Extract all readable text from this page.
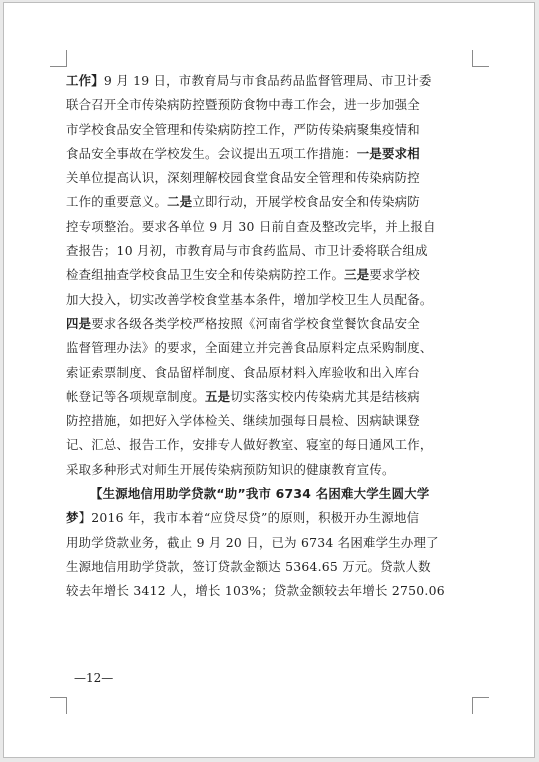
工作】9 月 19 日，市教育局与市食品药品监督管理局、市卫计委
联合召开全市传染病防控暨预防食物中毒工作会，进一步加强全
市学校食品安全管理和传染病防控工作，严防传染病聚集疫情和
食品安全事故在学校发生。会议提出五项工作措施：一是要求相
关单位提高认识，深刻理解校园食堂食品安全管理和传染病防控
工作的重要意义。二是立即行动，开展学校食品安全和传染病防
控专项整治。要求各单位 9 月 30 日前自查及整改完毕，并上报自
查报告；10 月初，市教育局与市食药监局、市卫计委将联合组成
检查组抽查学校食品卫生安全和传染病防控工作。三是要求学校
加大投入，切实改善学校食堂基本条件，增加学校卫生人员配备。
四是要求各级各类学校严格按照《河南省学校食堂餐饮食品安全
监督管理办法》的要求，全面建立并完善食品原料定点采购制度、
索证索票制度、食品留样制度、食品原材料入库验收和出入库台
帐登记等各项规章制度。五是切实落实校内传染病尤其是结核病
防控措施，如把好入学体检关、继续加强每日晨检、因病缺课登
记、汇总、报告工作，安排专人做好教室、寝室的每日通风工作，
采取多种形式对师生开展传染病预防知识的健康教育宣传。
【生源地信用助学贷款“助”我市 6734 名困难大学生圆大学
梦】2016 年，我市本着“应贷尽贷”的原则，积极开办生源地信
用助学贷款业务，截止 9 月 20 日，已为 6734 名困难学生办理了
生源地信用助学贷款，签订贷款金额达 5364.65 万元。贷款人数
较去年增长 3412 人，增长 103%；贷款金额较去年增长 2750.06
—12—
